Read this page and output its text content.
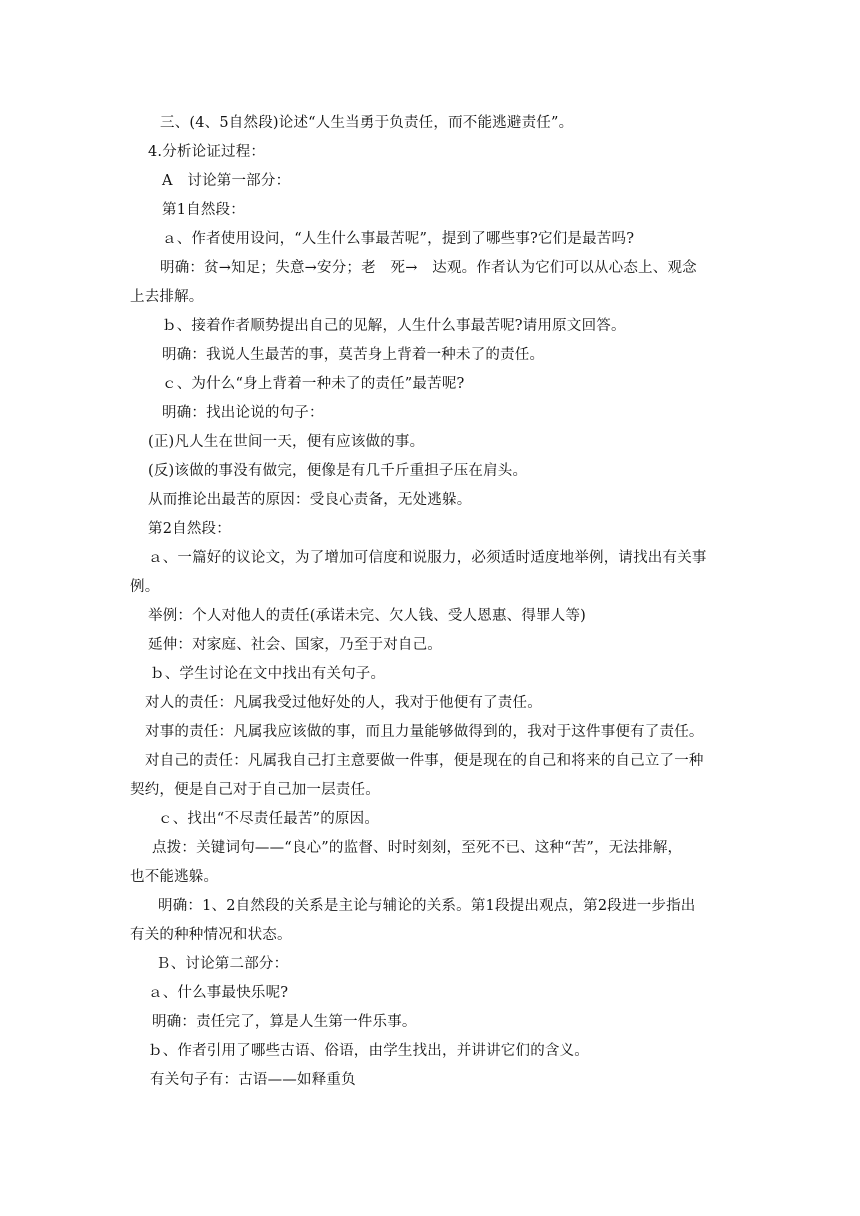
三、(4、5自然段)论述“人生当勇于负责任，而不能逃避责任”。
4.分析论证过程：
A　讨论第一部分：
第1自然段：
ａ、作者使用设问，“人生什么事最苦呢”，提到了哪些事?它们是最苦吗?
明确：贫→知足；失意→安分；老　死→　达观。作者认为它们可以从心态上、观念
上去排解。
ｂ、接着作者顺势提出自己的见解，人生什么事最苦呢?请用原文回答。
明确：我说人生最苦的事，莫苦身上背着一种未了的责任。
ｃ、为什么“身上背着一种未了的责任”最苦呢?
明确：找出论说的句子：
(正)凡人生在世间一天，便有应该做的事。
(反)该做的事没有做完，便像是有几千斤重担子压在肩头。
从而推论出最苦的原因：受良心责备，无处逃躲。
第2自然段：
ａ、一篇好的议论文，为了增加可信度和说服力，必须适时适度地举例，请找出有关事
例。
举例：个人对他人的责任(承诺未完、欠人钱、受人恩惠、得罪人等)
延伸：对家庭、社会、国家，乃至于对自己。
ｂ、学生讨论在文中找出有关句子。
对人的责任：凡属我受过他好处的人，我对于他便有了责任。
对事的责任：凡属我应该做的事，而且力量能够做得到的，我对于这件事便有了责任。
对自己的责任：凡属我自己打主意要做一件事，便是现在的自己和将来的自己立了一种
契约，便是自己对于自己加一层责任。
ｃ、找出“不尽责任最苦”的原因。
点拨：关键词句——“良心”的监督、时时刻刻，至死不已、这种“苦”，无法排解，
也不能逃躲。
明确：1、2自然段的关系是主论与辅论的关系。第1段提出观点，第2段进一步指出
有关的种种情况和状态。
Ｂ、讨论第二部分：
ａ、什么事最快乐呢?
明确：责任完了，算是人生第一件乐事。
ｂ、作者引用了哪些古语、俗语，由学生找出，并讲讲它们的含义。
有关句子有：古语——如释重负
